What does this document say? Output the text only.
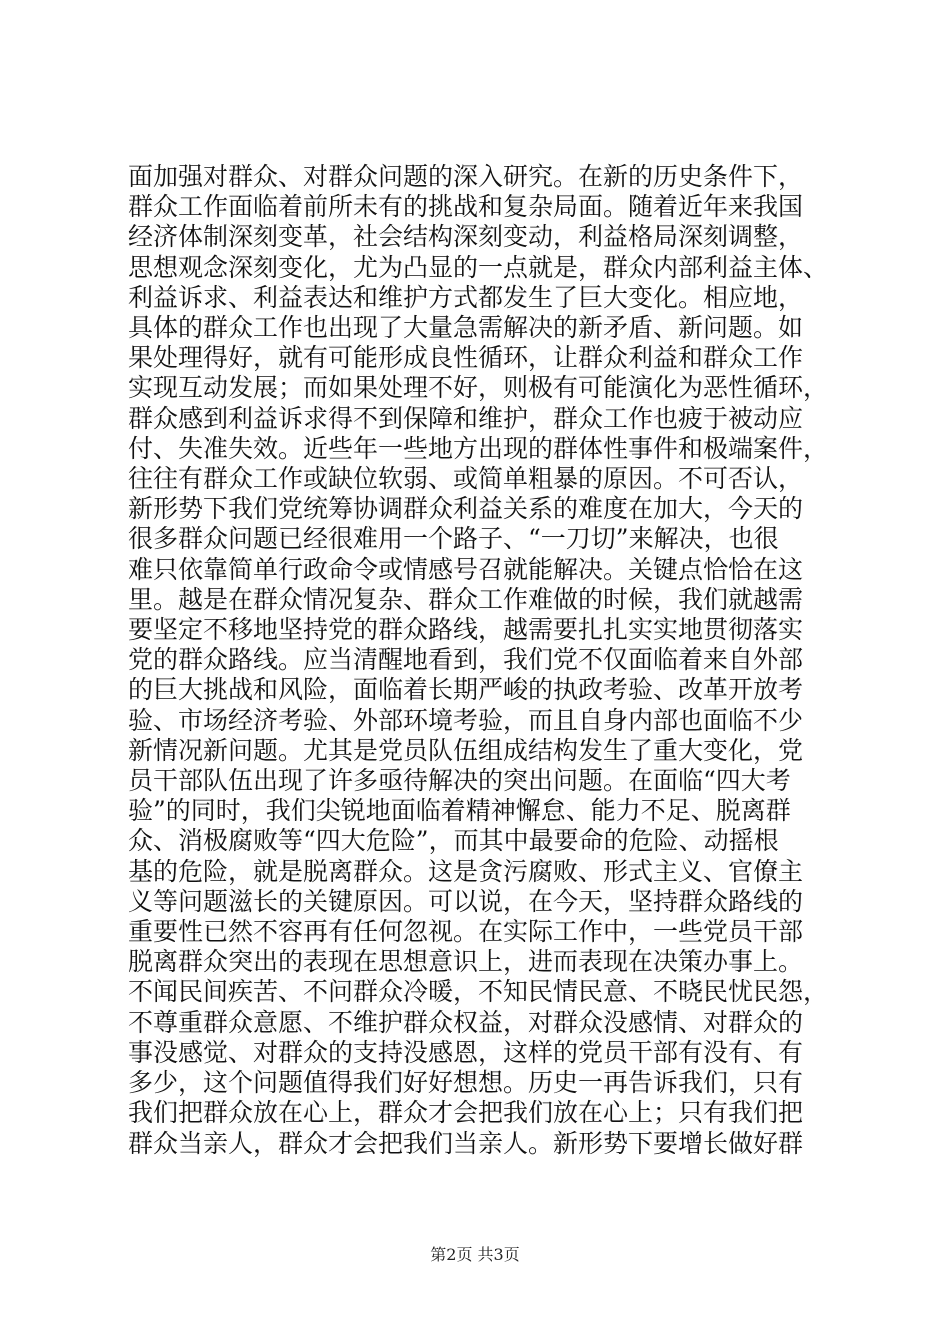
面加强对群众、对群众问题的深入研究。在新的历史条件下，
群众工作面临着前所未有的挑战和复杂局面。随着近年来我国
经济体制深刻变革，社会结构深刻变动，利益格局深刻调整，
思想观念深刻变化，尤为凸显的一点就是，群众内部利益主体、
利益诉求、利益表达和维护方式都发生了巨大变化。相应地，
具体的群众工作也出现了大量急需解决的新矛盾、新问题。如
果处理得好，就有可能形成良性循环，让群众利益和群众工作
实现互动发展；而如果处理不好，则极有可能演化为恶性循环，
群众感到利益诉求得不到保障和维护，群众工作也疲于被动应
付、失准失效。近些年一些地方出现的群体性事件和极端案件，
往往有群众工作或缺位软弱、或简单粗暴的原因。不可否认，
新形势下我们党统筹协调群众利益关系的难度在加大，今天的
很多群众问题已经很难用一个路子、“一刀切”来解决，也很
难只依靠简单行政命令或情感号召就能解决。关键点恰恰在这
里。越是在群众情况复杂、群众工作难做的时候，我们就越需
要坚定不移地坚持党的群众路线，越需要扎扎实实地贯彻落实
党的群众路线。应当清醒地看到，我们党不仅面临着来自外部
的巨大挑战和风险，面临着长期严峻的执政考验、改革开放考
验、市场经济考验、外部环境考验，而且自身内部也面临不少
新情况新问题。尤其是党员队伍组成结构发生了重大变化，党
员干部队伍出现了许多亟待解决的突出问题。在面临“四大考
验”的同时，我们尖锐地面临着精神懈怠、能力不足、脱离群
众、消极腐败等“四大危险”，而其中最要命的危险、动摇根
基的危险，就是脱离群众。这是贪污腐败、形式主义、官僚主
义等问题滋长的关键原因。可以说，在今天，坚持群众路线的
重要性已然不容再有任何忽视。在实际工作中，一些党员干部
脱离群众突出的表现在思想意识上，进而表现在决策办事上。
不闻民间疾苦、不问群众冷暖，不知民情民意、不晓民忧民怨，
不尊重群众意愿、不维护群众权益，对群众没感情、对群众的
事没感觉、对群众的支持没感恩，这样的党员干部有没有、有
多少，这个问题值得我们好好想想。历史一再告诉我们，只有
我们把群众放在心上，群众才会把我们放在心上；只有我们把
群众当亲人，群众才会把我们当亲人。新形势下要增长做好群
第2页 共3页
